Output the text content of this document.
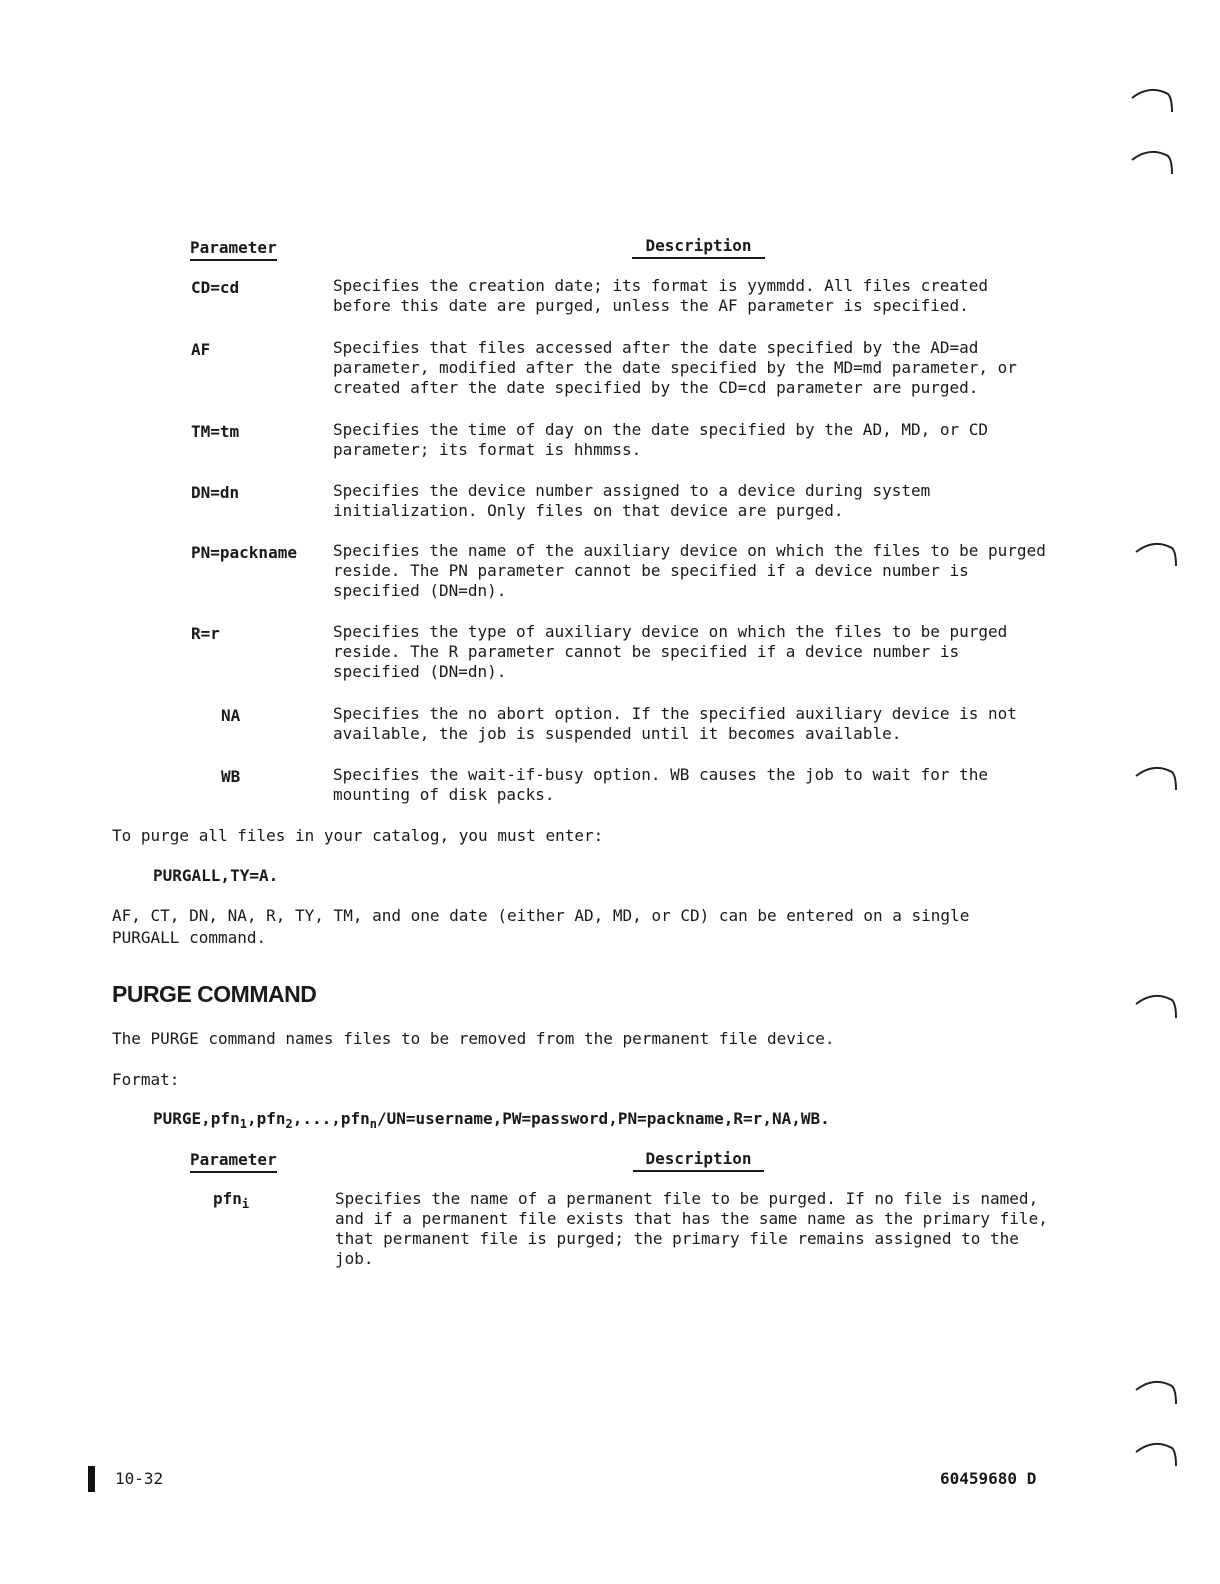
Parameter	Description
CD=cd	Specifies the creation date; its format is yymmdd. All files created before this date are purged, unless the AF parameter is specified.
AF	Specifies that files accessed after the date specified by the AD=ad parameter, modified after the date specified by the MD=md parameter, or created after the date specified by the CD=cd parameter are purged.
TM=tm	Specifies the time of day on the date specified by the AD, MD, or CD parameter; its format is hhmmss.
DN=dn	Specifies the device number assigned to a device during system initialization. Only files on that device are purged.
PN=packname Specifies the name of the auxiliary device on which the files to be purged reside. The PN parameter cannot be specified if a device number is specified (DN=dn).
R=r	Specifies the type of auxiliary device on which the files to be purged reside. The R parameter cannot be specified if a device number is specified (DN=dn).
NA	Specifies the no abort option. If the specified auxiliary device is not available, the job is suspended until it becomes available.
WB	Specifies the wait-if-busy option. WB causes the job to wait for the mounting of disk packs.
To purge all files in your catalog, you must enter:
PURGALL,TY=A.
AF, CT, DN, NA, R, TY, TM, and one date (either AD, MD, or CD) can be entered on a single
PURGALL command.
PURGE COMMAND
The PURGE command names files to be removed from the permanent file device.
Format:
PURGE,pfn$_1$,pfn$_2$,...,pfn$_n$/UN=username,PW=password,PN=packname,R=r,NA,WB.
Parameter	Description
pfn$_i$	Specifies the name of a permanent file to be purged. If no file is named, and if a permanent file exists that has the same name as the primary file, that permanent file is purged; the primary file remains assigned to the job.
10-32	60459680 D
